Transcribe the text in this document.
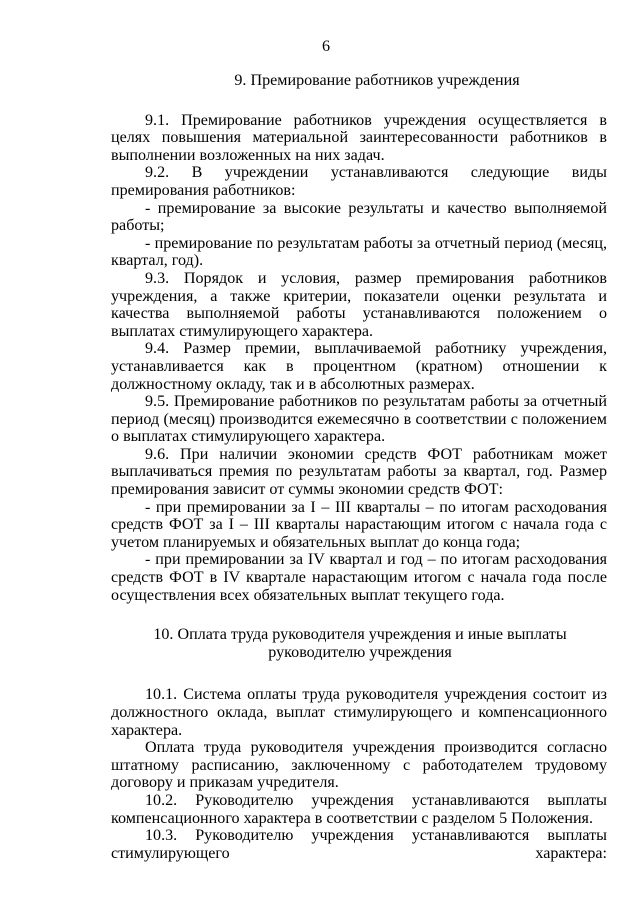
6
9. Премирование работников учреждения

9.1. Премирование работников учреждения осуществляется в целях повышения материальной заинтересованности работников в выполнении возложенных на них задач.

9.2. В учреждении устанавливаются следующие виды премирования работников:

- премирование за высокие результаты и качество выполняемой работы;

- премирование по результатам работы за отчетный период (месяц, квартал, год).

9.3. Порядок и условия, размер премирования работников учреждения, а также критерии, показатели оценки результата и качества выполняемой работы устанавливаются положением о выплатах стимулирующего характера.

9.4. Размер премии, выплачиваемой работнику учреждения, устанавливается как в процентном (кратном) отношении к должностному окладу, так и в абсолютных размерах.

9.5. Премирование работников по результатам работы за отчетный период (месяц) производится ежемесячно в соответствии с положением о выплатах стимулирующего характера.

9.6. При наличии экономии средств ФОТ работникам может выплачиваться премия по результатам работы за квартал, год. Размер премирования зависит от суммы экономии средств ФОТ:

- при премировании за I – III кварталы – по итогам расходования средств ФОТ за I – III кварталы нарастающим итогом с начала года с учетом планируемых и обязательных выплат до конца года;

- при премировании за IV квартал и год – по итогам расходования средств ФОТ в IV квартале нарастающим итогом с начала года после осуществления всех обязательных выплат текущего года.

10. Оплата труда руководителя учреждения и иные выплаты руководителю учреждения

10.1. Система оплаты труда руководителя учреждения состоит из должностного оклада, выплат стимулирующего и компенсационного характера.

Оплата труда руководителя учреждения производится согласно штатному расписанию, заключенному с работодателем трудовому договору и приказам учредителя.

10.2. Руководителю учреждения устанавливаются выплаты компенсационного характера в соответствии с разделом 5 Положения.

10.3. Руководителю учреждения устанавливаются выплаты стимулирующего характера:
